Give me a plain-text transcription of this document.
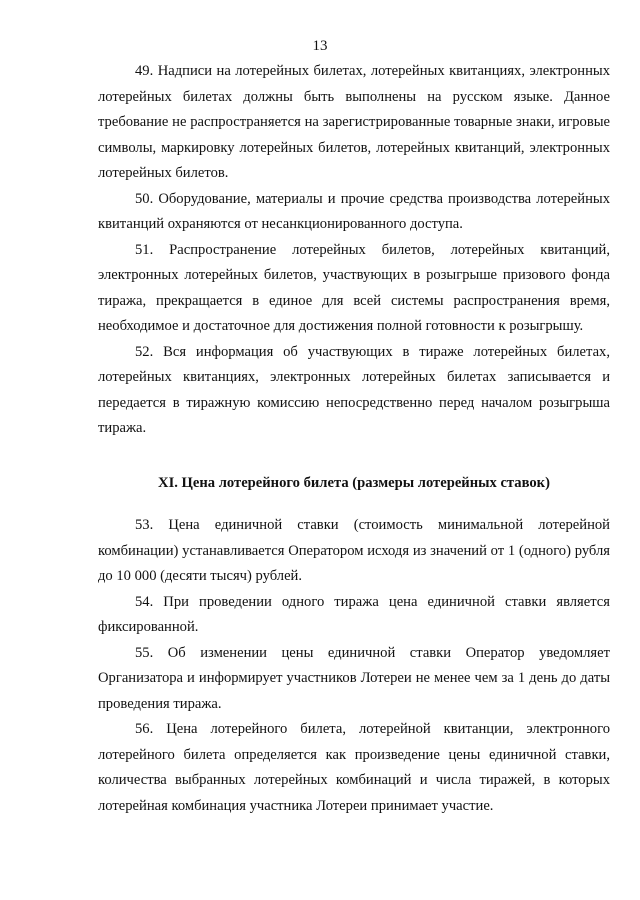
13

49. Надписи на лотерейных билетах, лотерейных квитанциях, электронных лотерейных билетах должны быть выполнены на русском языке. Данное требование не распространяется на зарегистрированные товарные знаки, игровые символы, маркировку лотерейных билетов, лотерейных квитанций, электронных лотерейных билетов.

50. Оборудование, материалы и прочие средства производства лотерейных квитанций охраняются от несанкционированного доступа.

51. Распространение лотерейных билетов, лотерейных квитанций, электронных лотерейных билетов, участвующих в розыгрыше призового фонда тиража, прекращается в единое для всей системы распространения время, необходимое и достаточное для достижения полной готовности к розыгрышу.

52. Вся информация об участвующих в тираже лотерейных билетах, лотерейных квитанциях, электронных лотерейных билетах записывается и передается в тиражную комиссию непосредственно перед началом розыгрыша тиража.

XI. Цена лотерейного билета (размеры лотерейных ставок)

53. Цена единичной ставки (стоимость минимальной лотерейной комбинации) устанавливается Оператором исходя из значений от 1 (одного) рубля до 10 000 (десяти тысяч) рублей.

54. При проведении одного тиража цена единичной ставки является фиксированной.

55. Об изменении цены единичной ставки Оператор уведомляет Организатора и информирует участников Лотереи не менее чем за 1 день до даты проведения тиража.

56. Цена лотерейного билета, лотерейной квитанции, электронного лотерейного билета определяется как произведение цены единичной ставки, количества выбранных лотерейных комбинаций и числа тиражей, в которых лотерейная комбинация участника Лотереи принимает участие.
